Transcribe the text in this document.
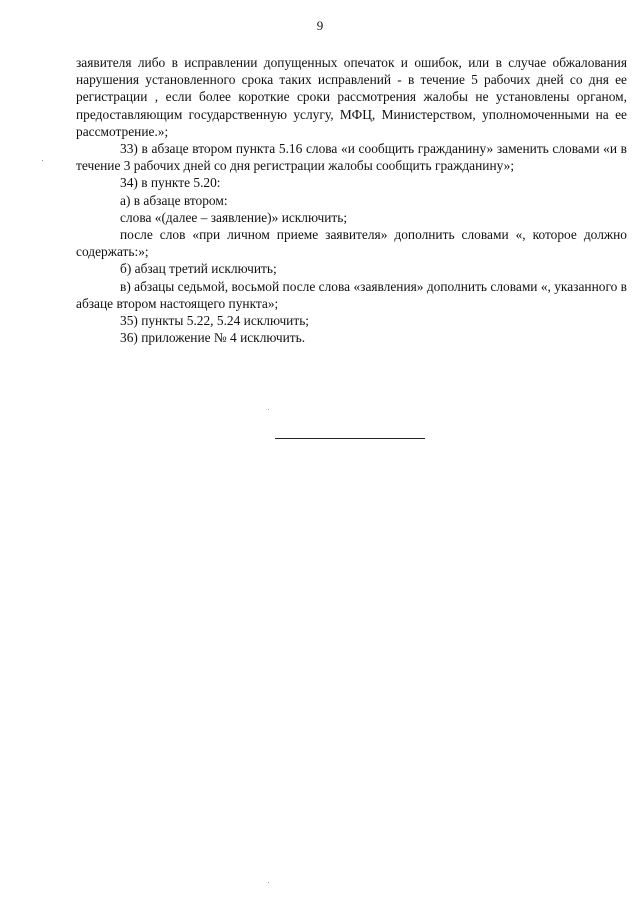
9

заявителя либо в исправлении допущенных опечаток и ошибок, или в случае обжалования нарушения установленного срока таких исправлений - в течение 5 рабочих дней со дня ее регистрации , если более короткие сроки рассмотрения жалобы не установлены органом, предоставляющим государственную услугу, МФЦ, Министерством, уполномоченными на ее рассмотрение.»;

33) в абзаце втором пункта 5.16 слова «и сообщить гражданину» заменить словами «и в течение 3 рабочих дней со дня регистрации жалобы сообщить гражданину»;

34) в пункте 5.20:

а) в абзаце втором:

слова «(далее – заявление)» исключить;

после слов «при личном приеме заявителя» дополнить словами «, которое должно содержать:»;

б) абзац третий исключить;

в) абзацы седьмой, восьмой после слова «заявления» дополнить словами «, указанного в абзаце втором настоящего пункта»;

35) пункты 5.22, 5.24 исключить;

36) приложение № 4 исключить.
